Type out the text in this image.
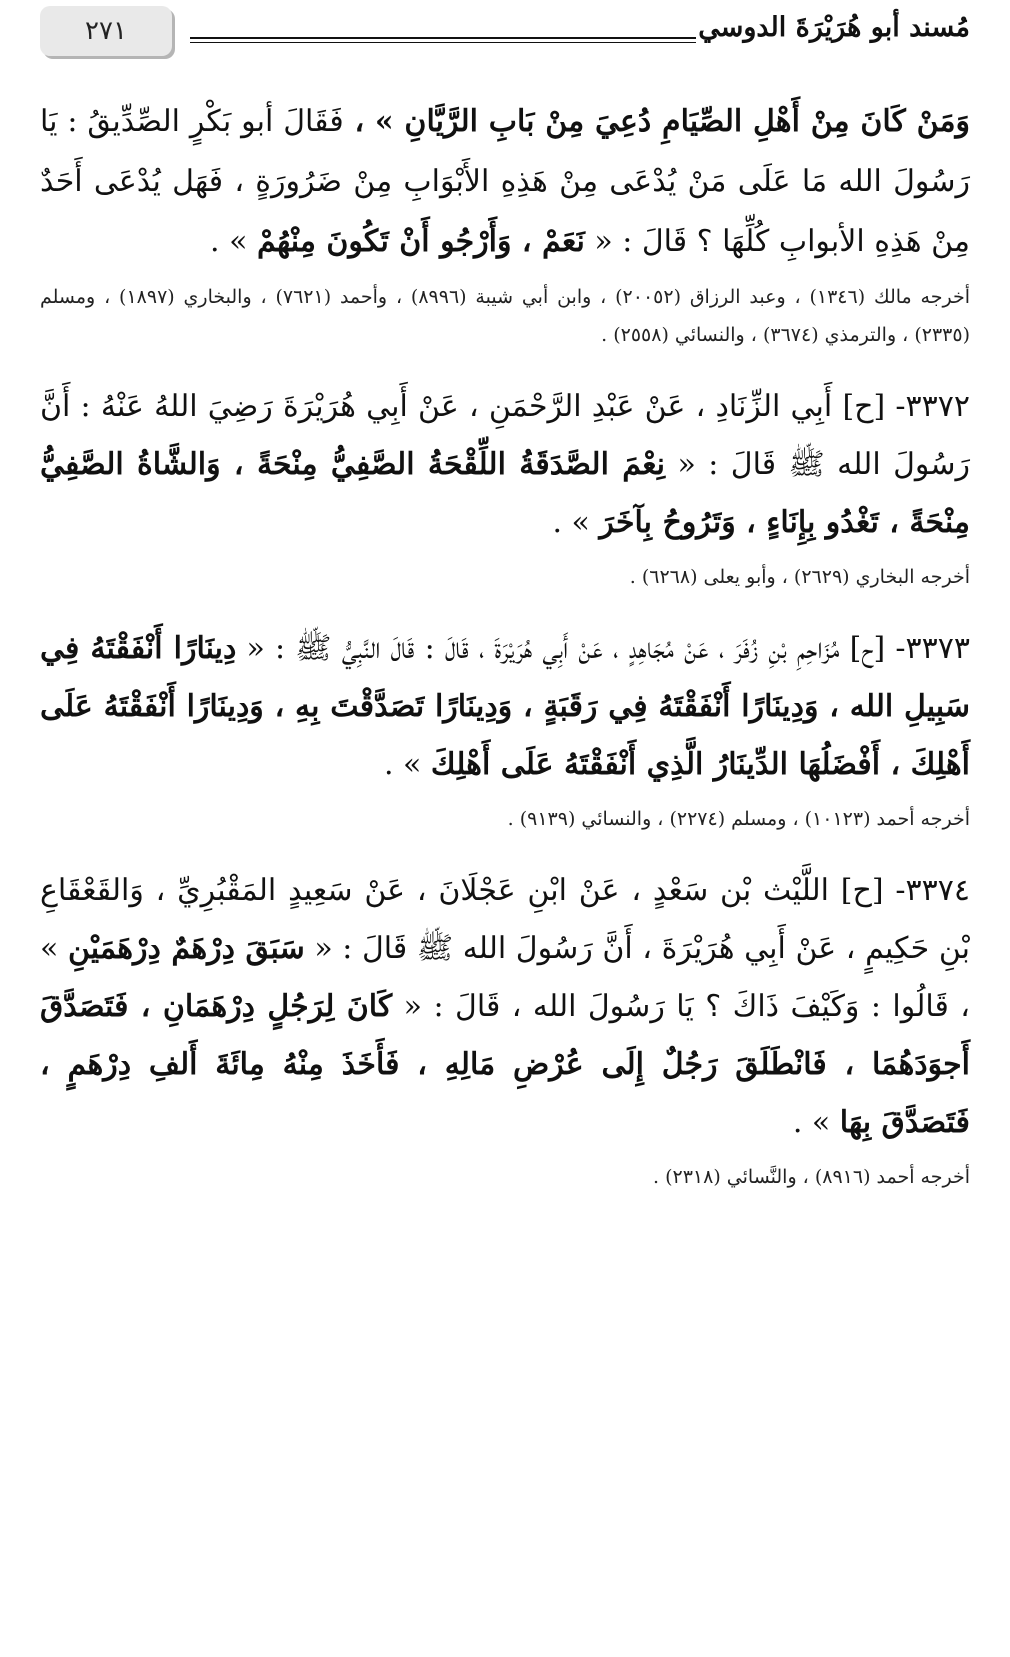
٢٧١	مُسند أبو هُرَيْرَةَ الدوسي

وَمَنْ كَانَ مِنْ أَهْلِ الصِّيَامِ دُعِيَ مِنْ بَابِ الرَّيَّانِ » ، فَقَالَ أبو بَكْرٍ الصِّدِّيقُ : يَا رَسُولَ الله مَا عَلَى مَنْ يُدْعَى مِنْ هَذِهِ الأَبْوَابِ مِنْ ضَرُورَةٍ ، فَهَل يُدْعَى أَحَدٌ مِنْ هَذِهِ الأبوابِ كُلِّهَا ؟ قَالَ : « نَعَمْ ، وَأَرْجُو أَنْ تَكُونَ مِنْهُمْ » .

أخرجه مالك (١٣٤٦) ، وعبد الرزاق (٢٠٠٥٢) ، وابن أبي شيبة (٨٩٩٦) ، وأحمد (٧٦٢١) ، والبخاري (١٨٩٧) ، ومسلم (٢٣٣٥) ، والترمذي (٣٦٧٤) ، والنسائي (٢٥٥٨) .

٣٣٧٢- [ح] أَبِي الزِّنَادِ ، عَنْ عَبْدِ الرَّحْمَنِ ، عَنْ أَبِي هُرَيْرَةَ رَضِيَ اللهُ عَنْهُ : أَنَّ رَسُولَ الله ﷺ قَالَ : « نِعْمَ الصَّدَقَةُ اللِّقْحَةُ الصَّفِيُّ مِنْحَةً ، وَالشَّاةُ الصَّفِيُّ مِنْحَةً ، تَغْدُو بِإِنَاءٍ ، وَتَرُوحُ بِآخَرَ » .

أخرجه البخاري (٢٦٢٩) ، وأبو يعلى (٦٢٦٨) .

٣٣٧٣- [ح] مُزَاحِمِ بْنِ زُفَرَ ، عَنْ مُجَاهِدٍ ، عَنْ أَبِي هُرَيْرَةَ ، قَالَ : قَالَ النَّبِيُّ ﷺ : « دِينَارًا أَنْفَقْتَهُ فِي سَبِيلِ الله ، وَدِينَارًا أَنْفَقْتَهُ فِي رَقَبَةٍ ، وَدِينَارًا تَصَدَّقْتَ بِهِ ، وَدِينَارًا أَنْفَقْتَهُ عَلَى أَهْلِكَ ، أَفْضَلُهَا الدِّينَارُ الَّذِي أَنْفَقْتَهُ عَلَى أَهْلِكَ » .

أخرجه أحمد (١٠١٢٣) ، ومسلم (٢٢٧٤) ، والنسائي (٩١٣٩) .

٣٣٧٤- [ح] اللَّيْث بْن سَعْدٍ ، عَنْ ابْنِ عَجْلَانَ ، عَنْ سَعِيدٍ المَقْبُرِيِّ ، وَالقَعْقَاعِ بْنِ حَكِيمٍ ، عَنْ أَبِي هُرَيْرَةَ ، أَنَّ رَسُولَ الله ﷺ قَالَ : « سَبَقَ دِرْهَمٌ دِرْهَمَيْنِ » ، قَالُوا : وَكَيْفَ ذَاكَ ؟ يَا رَسُولَ الله ، قَالَ : « كَانَ لِرَجُلٍ دِرْهَمَانِ ، فَتَصَدَّقَ أَجوَدَهُمَا ، فَانْطَلَقَ رَجُلٌ إِلَى عُرْضِ مَالِهِ ، فَأَخَذَ مِنْهُ مِائَةَ أَلفِ دِرْهَمٍ ، فَتَصَدَّقَ بِهَا » .

أخرجه أحمد (٨٩١٦) ، والنَّسائي (٢٣١٨) .
